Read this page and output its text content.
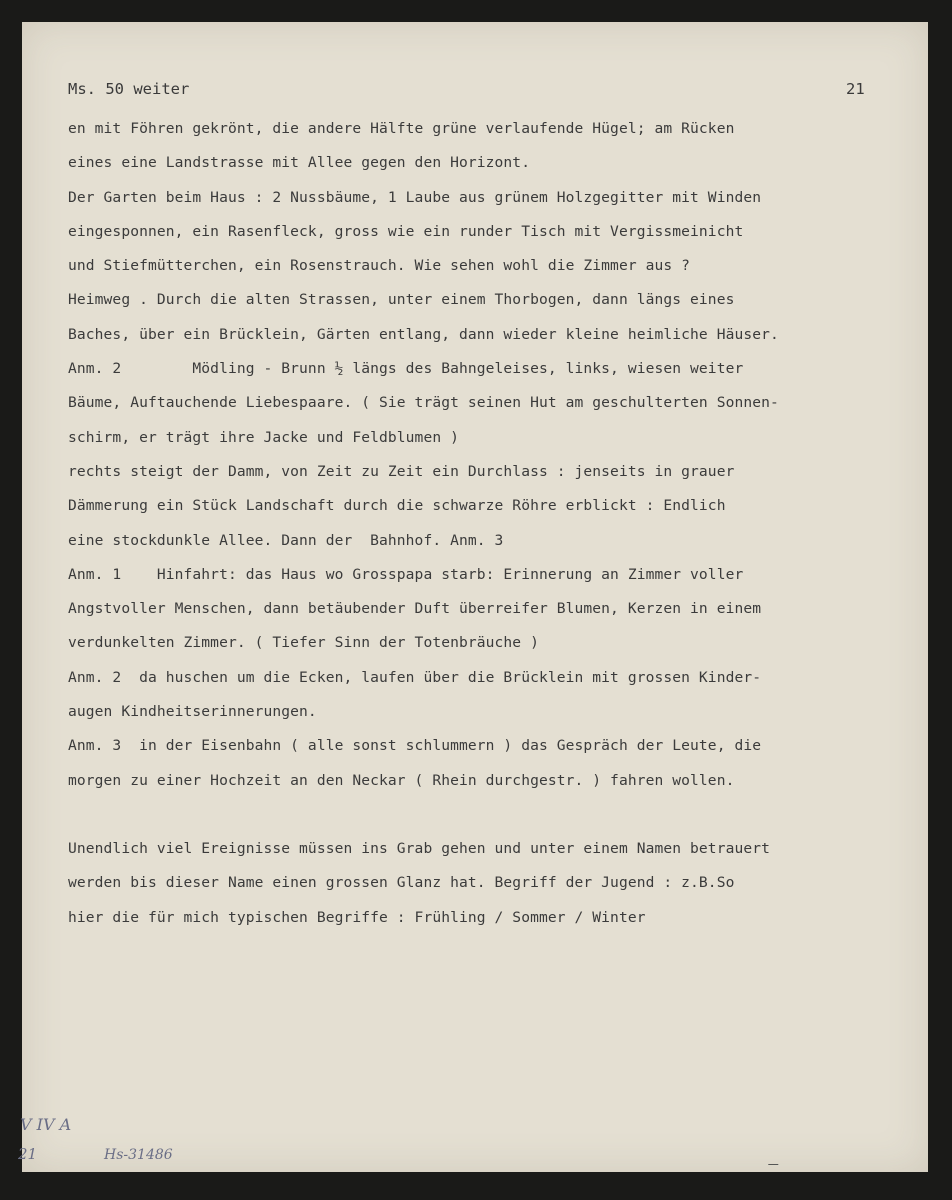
Ms. 50 weiter	21
en mit Föhren gekrönt, die andere Hälfte grüne verlaufende Hügel; am Rücken
eines eine Landstrasse mit Allee gegen den Horizont.
Der Garten beim Haus : 2 Nussbäume, 1 Laube aus grünem Holzgegitter mit Winden
eingesponnen, ein Rasenfleck, gross wie ein runder Tisch mit Vergissmeinicht
und Stiefmütterchen, ein Rosenstrauch. Wie sehen wohl die Zimmer aus ?
Heimweg . Durch die alten Strassen, unter einem Thorbogen, dann längs eines
Baches, über ein Brücklein, Gärten entlang, dann wieder kleine heimliche Häuser.
Anm. 2        Mödling - Brunn ½ längs des Bahngeleises, links, wiesen weiter
Bäume, Auftauchende Liebespaare. ( Sie trägt seinen Hut am geschulterten Sonnen-
schirm, er trägt ihre Jacke und Feldblumen )
rechts steigt der Damm, von Zeit zu Zeit ein Durchlass : jenseits in grauer
Dämmerung ein Stück Landschaft durch die schwarze Röhre erblickt : Endlich
eine stockdunkle Allee. Dann der  Bahnhof. Anm. 3
Anm. 1    Hinfahrt: das Haus wo Grosspapa starb: Erinnerung an Zimmer voller
Angstvoller Menschen, dann betäubender Duft überreifer Blumen, Kerzen in einem
verdunkelten Zimmer. ( Tiefer Sinn der Totenbräuche )
Anm. 2  da huschen um die Ecken, laufen über die Brücklein mit grossen Kinder-
augen Kindheitserinnerungen.
Anm. 3  in der Eisenbahn ( alle sonst schlummern ) das Gespräch der Leute, die
morgen zu einer Hochzeit an den Neckar ( Rhein durchgestr. ) fahren wollen.
Unendlich viel Ereignisse müssen ins Grab gehen und unter einem Namen betrauert
werden bis dieser Name einen grossen Glanz hat. Begriff der Jugend : z.B.So
hier die für mich typischen Begriffe : Frühling / Sommer / Winter
V IV A
21	Hs-31486
